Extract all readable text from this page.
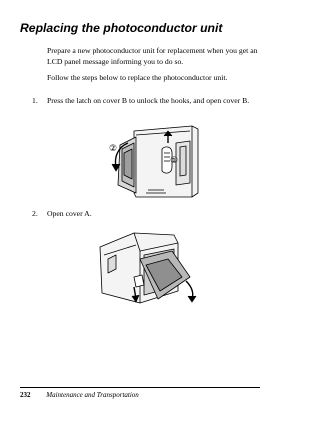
Replacing the photoconductor unit
Prepare a new photoconductor unit for replacement when you get an LCD panel message informing you to do so.
Follow the steps below to replace the photoconductor unit.
1. Press the latch on cover B to unlock the hooks, and open cover B.
②
①
2. Open cover A.
232 Maintenance and Transportation
